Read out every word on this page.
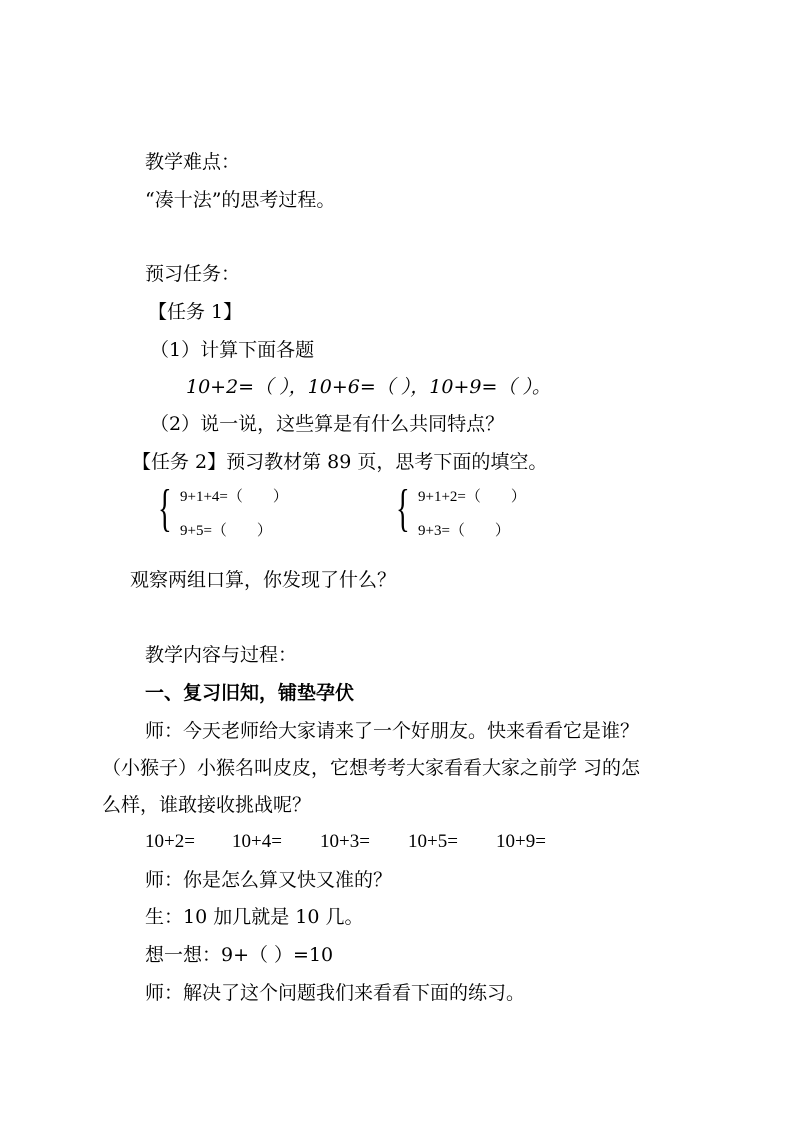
教学难点：
“凑十法”的思考过程。
预习任务：
【任务 1】
（1）计算下面各题
10+2=（ ），10+6=（ ），10+9=（ ）。
（2）说一说，这些算是有什么共同特点？
【任务 2】预习教材第 89 页，思考下面的填空。
{ 9+1+4=（　　）
9+5=（　　） { 9+1+2=（　　）
9+3=（　　）
观察两组口算，你发现了什么？
教学内容与过程：
一、复习旧知，铺垫孕伏
师：今天老师给大家请来了一个好朋友。快来看看它是谁？
（小猴子）小猴名叫皮皮，它想考考大家看看大家之前学 习的怎
么样，谁敢接收挑战呢？
10+2= 10+4= 10+3= 10+5= 10+9=
师：你是怎么算又快又准的？
生：10 加几就是 10 几。
想一想：9+（ ）=10
师：解决了这个问题我们来看看下面的练习。
